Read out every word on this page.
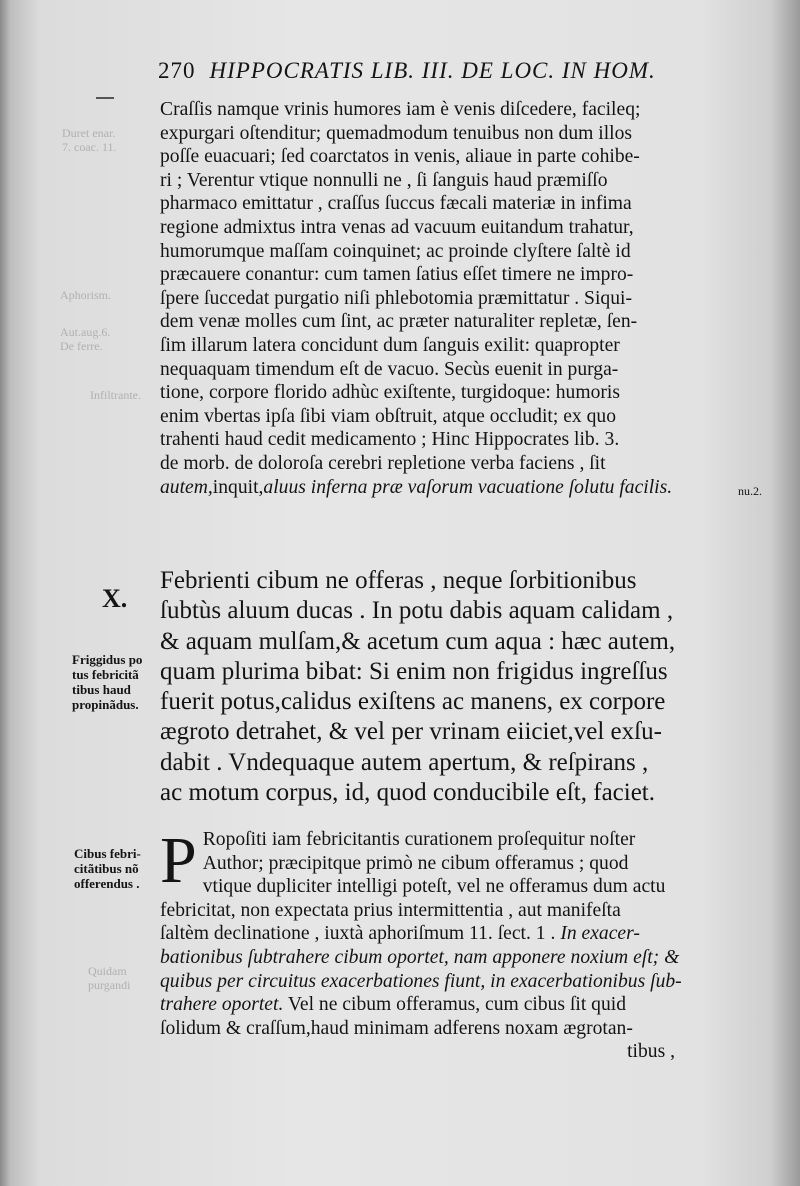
270 HIPPOCRATIS LIB. III. DE LOC. IN HOM.
Craſſis namque vrinis humores iam è venis diſcedere, facileq;
expurgari oſtenditur; quemadmodum tenuibus non dum illos
poſſe euacuari; ſed coarctatos in venis, aliaue in parte cohibe-
ri ; Verentur vtique nonnulli ne , ſi ſanguis haud præmiſſo
pharmaco emittatur , craſſus ſuccus fæcali materiæ in infima
regione admixtus intra venas ad vacuum euitandum trahatur,
humorumque maſſam coinquinet; ac proinde clyſtere ſaltè id
præcauere conantur: cum tamen ſatius eſſet timere ne impro-
ſpere ſuccedat purgatio niſi phlebotomia præmittatur . Siqui-
dem venæ molles cum ſint, ac præter naturaliter repletæ, ſen-
ſim illarum latera concidunt dum ſanguis exilit: quapropter
nequaquam timendum eſt de vacuo. Secùs euenit in purga-
tione, corpore florido adhùc exiſtente, turgidoque: humoris
enim vbertas ipſa ſibi viam obſtruit, atque occludit; ex quo
trahenti haud cedit medicamento ; Hinc Hippocrates lib. 3.
de morb. de doloroſa cerebri repletione verba faciens , ſit
autem,inquit,aluus inferna præ vaſorum vacuatione ſolutu facilis.
X.
nu.2.
Friggidus po
tus febricitã
tibus haud
propinãdus.
Febrienti cibum ne offeras , neque ſorbitionibus
ſubtùs aluum ducas . In potu dabis aquam calidam ,
& aquam mulſam,& acetum cum aqua : hæc autem,
quam plurima bibat: Si enim non frigidus ingreſſus
fuerit potus,calidus exiſtens ac manens, ex corpore
ægroto detrahet, & vel per vrinam eiiciet,vel exſu-
dabit . Vndequaque autem apertum, & reſpirans ,
ac motum corpus, id, quod conducibile eſt, faciet.
Cibus febri-
citãtibus nõ
offerendus . P Ropoſiti iam febricitantis curationem proſequitur noſter
Author; præcipitque primò ne cibum offeramus ; quod
vtique dupliciter intelligi poteſt, vel ne offeramus dum actu
febricitat, non expectata prius intermittentia , aut manifeſta
ſaltèm declinatione , iuxtà aphoriſmum 11. ſect. 1 . In exacer-
bationibus ſubtrahere cibum oportet, nam apponere noxium eſt; &
quibus per circuitus exacerbationes fiunt, in exacerbationibus ſub-
trahere oportet. Vel ne cibum offeramus, cum cibus ſit quid
ſolidum & craſſum,haud minimam adferens noxam ægrotan-
tibus ,
Duret enar.
7. coac. 11.
Aphorism.
Aut.aug.6.
De ferre.
Infiltrante.
Quidam
purgandi
